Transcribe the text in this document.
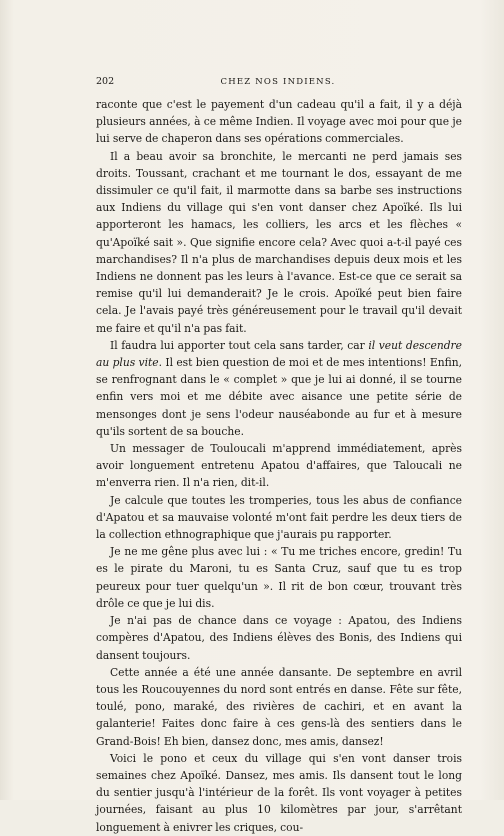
202	CHEZ NOS INDIENS.

raconte que c'est le payement d'un cadeau qu'il a fait, il y a déjà plusieurs années, à ce même Indien. Il voyage avec moi pour que je lui serve de chaperon dans ses opérations commerciales.

Il a beau avoir sa bronchite, le mercanti ne perd jamais ses droits. Toussant, crachant et me tournant le dos, essayant de me dissimuler ce qu'il fait, il marmotte dans sa barbe ses instructions aux Indiens du village qui s'en vont danser chez Apoïké. Ils lui apporteront les hamacs, les colliers, les arcs et les flèches « qu'Apoïké sait ». Que signifie encore cela? Avec quoi a-t-il payé ces marchandises? Il n'a plus de marchandises depuis deux mois et les Indiens ne donnent pas les leurs à l'avance. Est-ce que ce serait sa remise qu'il lui demanderait? Je le crois. Apoïké peut bien faire cela. Je l'avais payé très généreusement pour le travail qu'il devait me faire et qu'il n'a pas fait.

Il faudra lui apporter tout cela sans tarder, car il veut descendre au plus vite. Il est bien question de moi et de mes intentions! Enfin, se renfrognant dans le « complet » que je lui ai donné, il se tourne enfin vers moi et me débite avec aisance une petite série de mensonges dont je sens l'odeur nauséabonde au fur et à mesure qu'ils sortent de sa bouche.

Un messager de Touloucali m'apprend immédiatement, après avoir longuement entretenu Apatou d'affaires, que Taloucali ne m'enverra rien. Il n'a rien, dit-il.

Je calcule que toutes les tromperies, tous les abus de confiance d'Apatou et sa mauvaise volonté m'ont fait perdre les deux tiers de la collection ethnographique que j'aurais pu rapporter.

Je ne me gêne plus avec lui : « Tu me triches encore, gredin! Tu es le pirate du Maroni, tu es Santa Cruz, sauf que tu es trop peureux pour tuer quelqu'un ». Il rit de bon cœur, trouvant très drôle ce que je lui dis.

Je n'ai pas de chance dans ce voyage : Apatou, des Indiens compères d'Apatou, des Indiens élèves des Bonis, des Indiens qui dansent toujours.

Cette année a été une année dansante. De septembre en avril tous les Roucouyennes du nord sont entrés en danse. Fête sur fête, toulé, pono, maraké, des rivières de cachiri, et en avant la galanterie! Faites donc faire à ces gens-là des sentiers dans le Grand-Bois! Eh bien, dansez donc, mes amis, dansez!

Voici le pono et ceux du village qui s'en vont danser trois semaines chez Apoïké. Dansez, mes amis. Ils dansent tout le long du sentier jusqu'à l'intérieur de la forêt. Ils vont voyager à petites journées, faisant au plus 10 kilomètres par jour, s'arrêtant longuement à enivrer les criques, cou-
